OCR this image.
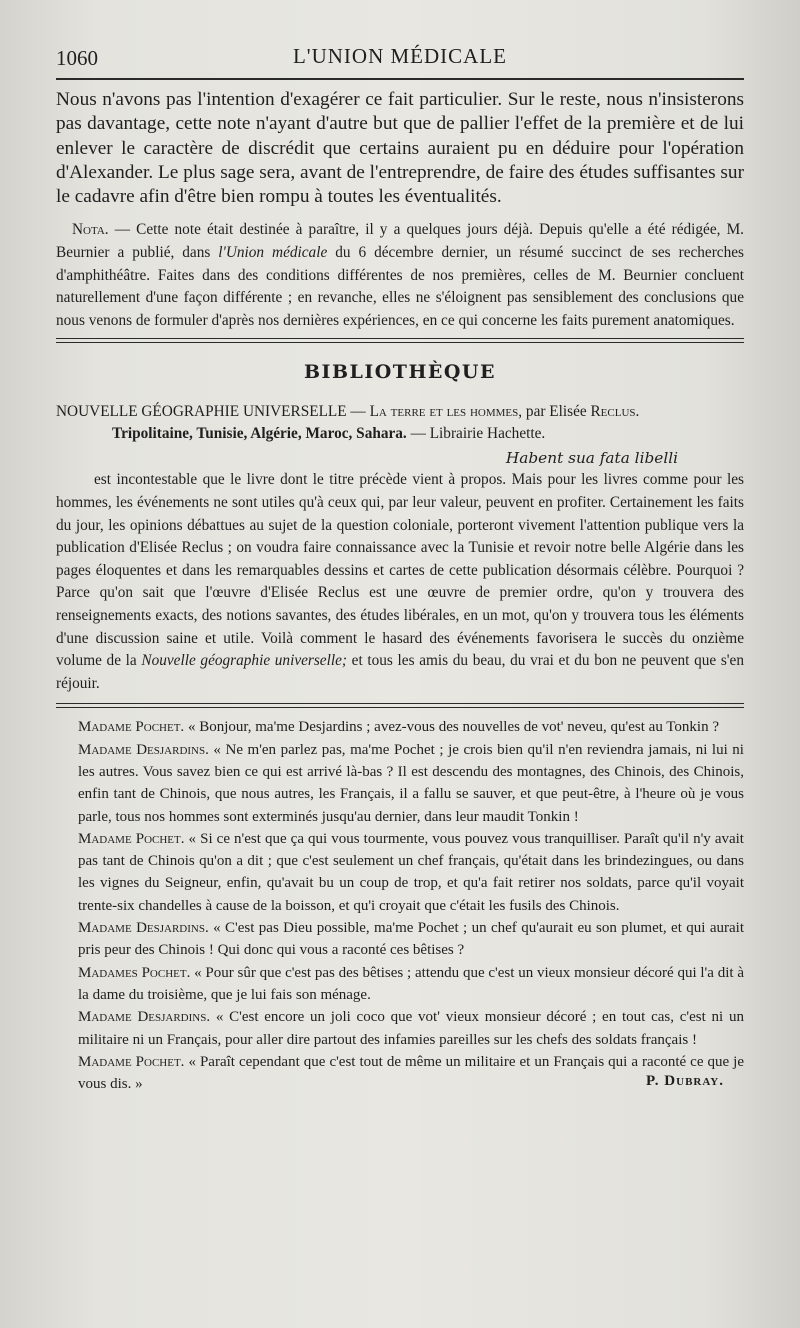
1060	L'UNION MÉDICALE

Nous n'avons pas l'intention d'exagérer ce fait particulier. Sur le reste, nous n'insisterons pas davantage, cette note n'ayant d'autre but que de pallier l'effet de la première et de lui enlever le caractère de discrédit que certains auraient pu en déduire pour l'opération d'Alexander. Le plus sage sera, avant de l'entreprendre, de faire des études suffisantes sur le cadavre afin d'être bien rompu à toutes les éventualités.

Nota. — Cette note était destinée à paraître, il y a quelques jours déjà. Depuis qu'elle a été rédigée, M. Beurnier a publié, dans l'Union médicale du 6 décembre dernier, un résumé succinct de ses recherches d'amphithéâtre. Faites dans des conditions différentes de nos premières, celles de M. Beurnier concluent naturellement d'une façon différente ; en revanche, elles ne s'éloignent pas sensiblement des conclusions que nous venons de formuler d'après nos dernières expériences, en ce qui concerne les faits purement anatomiques.

BIBLIOTHÈQUE
NOUVELLE GÉOGRAPHIE UNIVERSELLE — La terre et les hommes, par Elisée Reclus.
Tripolitaine, Tunisie, Algérie, Maroc, Sahara. — Librairie Hachette.
Habent sua fata libelli

est incontestable que le livre dont le titre précède vient à propos. Mais pour les livres comme pour les hommes, les événements ne sont utiles qu'à ceux qui, par leur valeur, peuvent en profiter. Certainement les faits du jour, les opinions débattues au sujet de la question coloniale, porteront vivement l'attention publique vers la publication d'Elisée Reclus ; on voudra faire connaissance avec la Tunisie et revoir notre belle Algérie dans les pages éloquentes et dans les remarquables dessins et cartes de cette publication désormais célèbre. Pourquoi ? Parce qu'on sait que l'œuvre d'Elisée Reclus est une œuvre de premier ordre, qu'on y trouvera des renseignements exacts, des notions savantes, des études libérales, en un mot, qu'on y trouvera tous les éléments d'une discussion saine et utile. Voilà comment le hasard des événements favorisera le succès du onzième volume de la Nouvelle géographie universelle; et tous les amis du beau, du vrai et du bon ne peuvent que s'en réjouir.

Madame Pochet. « Bonjour, ma'me Desjardins ; avez-vous des nouvelles de vot' neveu, qu'est au Tonkin ?

Madame Desjardins. « Ne m'en parlez pas, ma'me Pochet ; je crois bien qu'il n'en reviendra jamais, ni lui ni les autres. Vous savez bien ce qui est arrivé là-bas ? Il est descendu des montagnes, des Chinois, des Chinois, enfin tant de Chinois, que nous autres, les Français, il a fallu se sauver, et que peut-être, à l'heure où je vous parle, tous nos hommes sont exterminés jusqu'au dernier, dans leur maudit Tonkin !

Madame Pochet. « Si ce n'est que ça qui vous tourmente, vous pouvez vous tranquilliser. Paraît qu'il n'y avait pas tant de Chinois qu'on a dit ; que c'est seulement un chef français, qu'était dans les brindezingues, ou dans les vignes du Seigneur, enfin, qu'avait bu un coup de trop, et qu'a fait retirer nos soldats, parce qu'il voyait trente-six chandelles à cause de la boisson, et qu'i croyait que c'était les fusils des Chinois.

Madame Desjardins. « C'est pas Dieu possible, ma'me Pochet ; un chef qu'aurait eu son plumet, et qui aurait pris peur des Chinois ! Qui donc qui vous a raconté ces bêtises ?

Madames Pochet. « Pour sûr que c'est pas des bêtises ; attendu que c'est un vieux monsieur décoré qui l'a dit à la dame du troisième, que je lui fais son ménage.

Madame Desjardins. « C'est encore un joli coco que vot' vieux monsieur décoré ; en tout cas, c'est ni un militaire ni un Français, pour aller dire partout des infamies pareilles sur les chefs des soldats français !

Madame Pochet. « Paraît cependant que c'est tout de même un militaire et un Français qui a raconté ce que je vous dis. »	P. Dubray.
